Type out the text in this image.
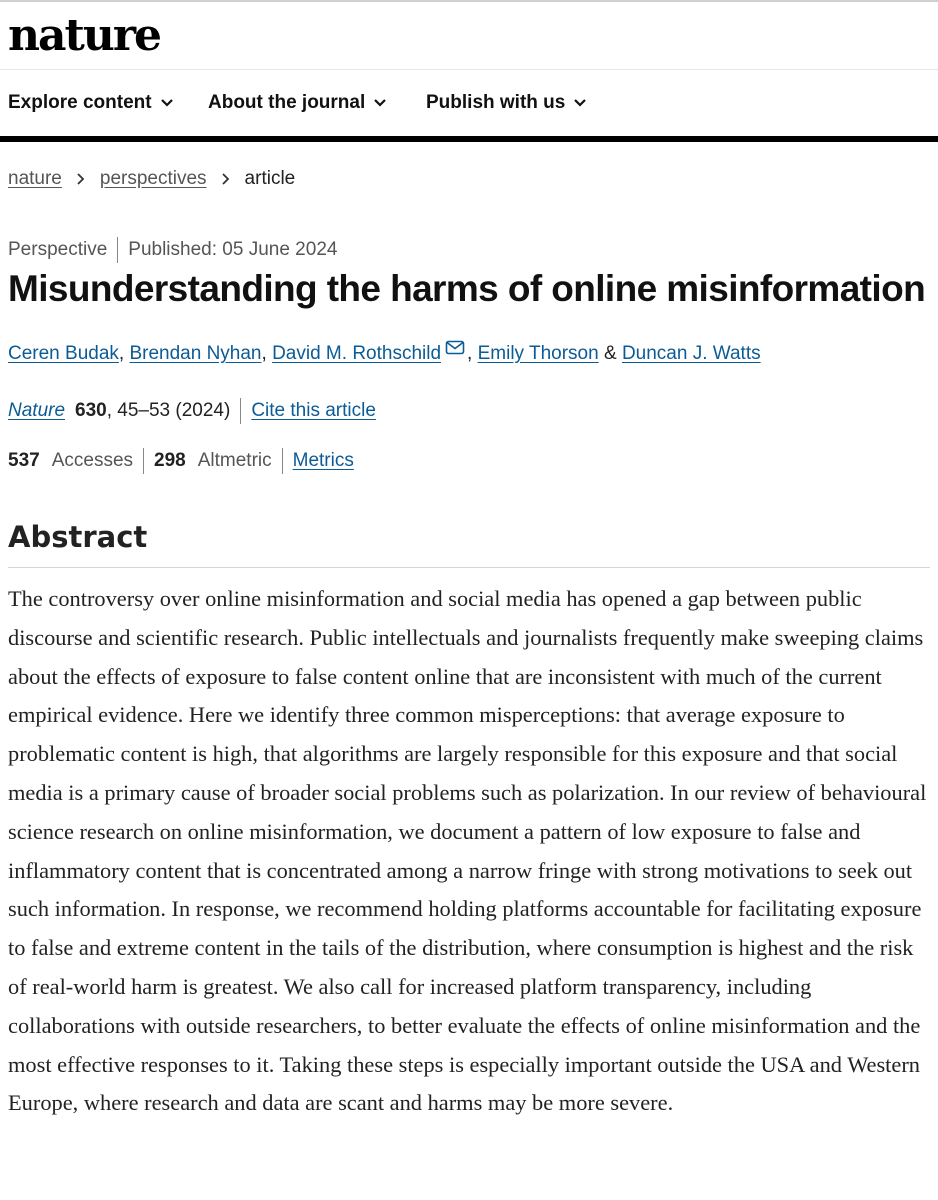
nature
Explore content	About the journal	Publish with us
nature perspectives article
Perspective Published: 05 June 2024
Misunderstanding the harms of online misinformation
Ceren Budak ,
Brendan Nyhan ,
David M. Rothschild ,
Emily Thorson
&
Duncan J. Watts
Nature 630 , 45–53 (2024) Cite this article
537 Accesses 298 Altmetric Metrics
Abstract

The controversy over online misinformation and social media has opened a gap between public discourse and scientific research. Public intellectuals and journalists frequently make sweeping claims about the effects of exposure to false content online that are inconsistent with much of the current empirical evidence. Here we identify three common misperceptions: that average exposure to problematic content is high, that algorithms are largely responsible for this exposure and that social media is a primary cause of broader social problems such as polarization. In our review of behavioural science research on online misinformation, we document a pattern of low exposure to false and inflammatory content that is concentrated among a narrow fringe with strong motivations to seek out such information. In response, we recommend holding platforms accountable for facilitating exposure to false and extreme content in the tails of the distribution, where consumption is highest and the risk of real-world harm is greatest. We also call for increased platform transparency, including collaborations with outside researchers, to better evaluate the effects of online misinformation and the most effective responses to it. Taking these steps is especially important outside the USA and Western Europe, where research and data are scant and harms may be more severe.
